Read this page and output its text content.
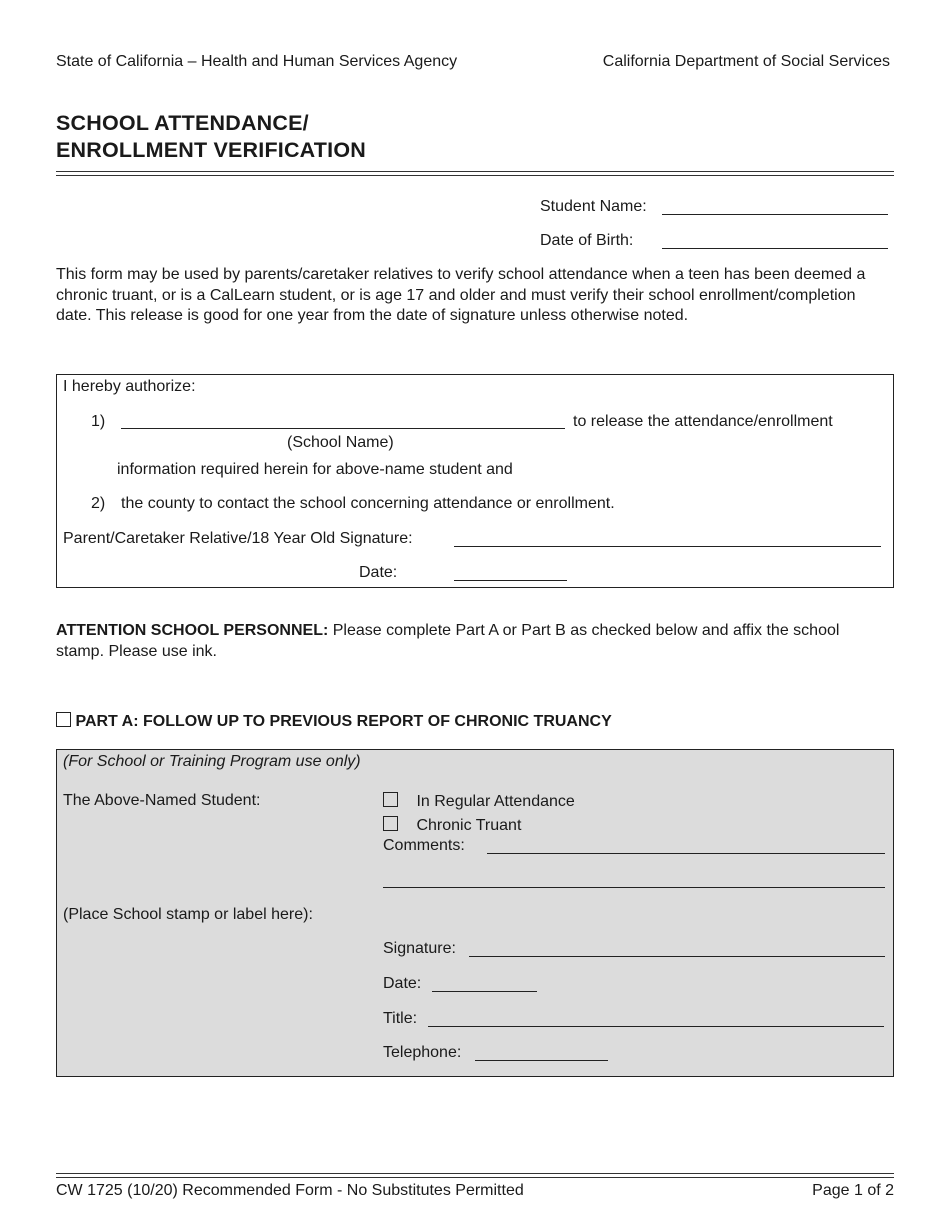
State of California – Health and Human Services Agency	California Department of Social Services
SCHOOL ATTENDANCE/
ENROLLMENT VERIFICATION
Student Name:
Date of Birth:
This form may be used by parents/caretaker relatives to verify school attendance when a teen has been deemed a chronic truant, or is a CalLearn student, or is age 17 and older and must verify their school enrollment/completion date. This release is good for one year from the date of signature unless otherwise noted.
I hereby authorize:
1)	to release the attendance/enrollment
(School Name)
information required herein for above-name student and
2) the county to contact the school concerning attendance or enrollment.
Parent/Caretaker Relative/18 Year Old Signature:
Date:
ATTENTION SCHOOL PERSONNEL: Please complete Part A or Part B as checked below and affix the school stamp. Please use ink.
PART A: FOLLOW UP TO PREVIOUS REPORT OF CHRONIC TRUANCY
(For School or Training Program use only)
The Above-Named Student:	In Regular Attendance
Chronic Truant
Comments:
(Place School stamp or label here):
Signature:
Date:
Title:
Telephone:
CW 1725 (10/20) Recommended Form - No Substitutes Permitted	Page 1 of 2
